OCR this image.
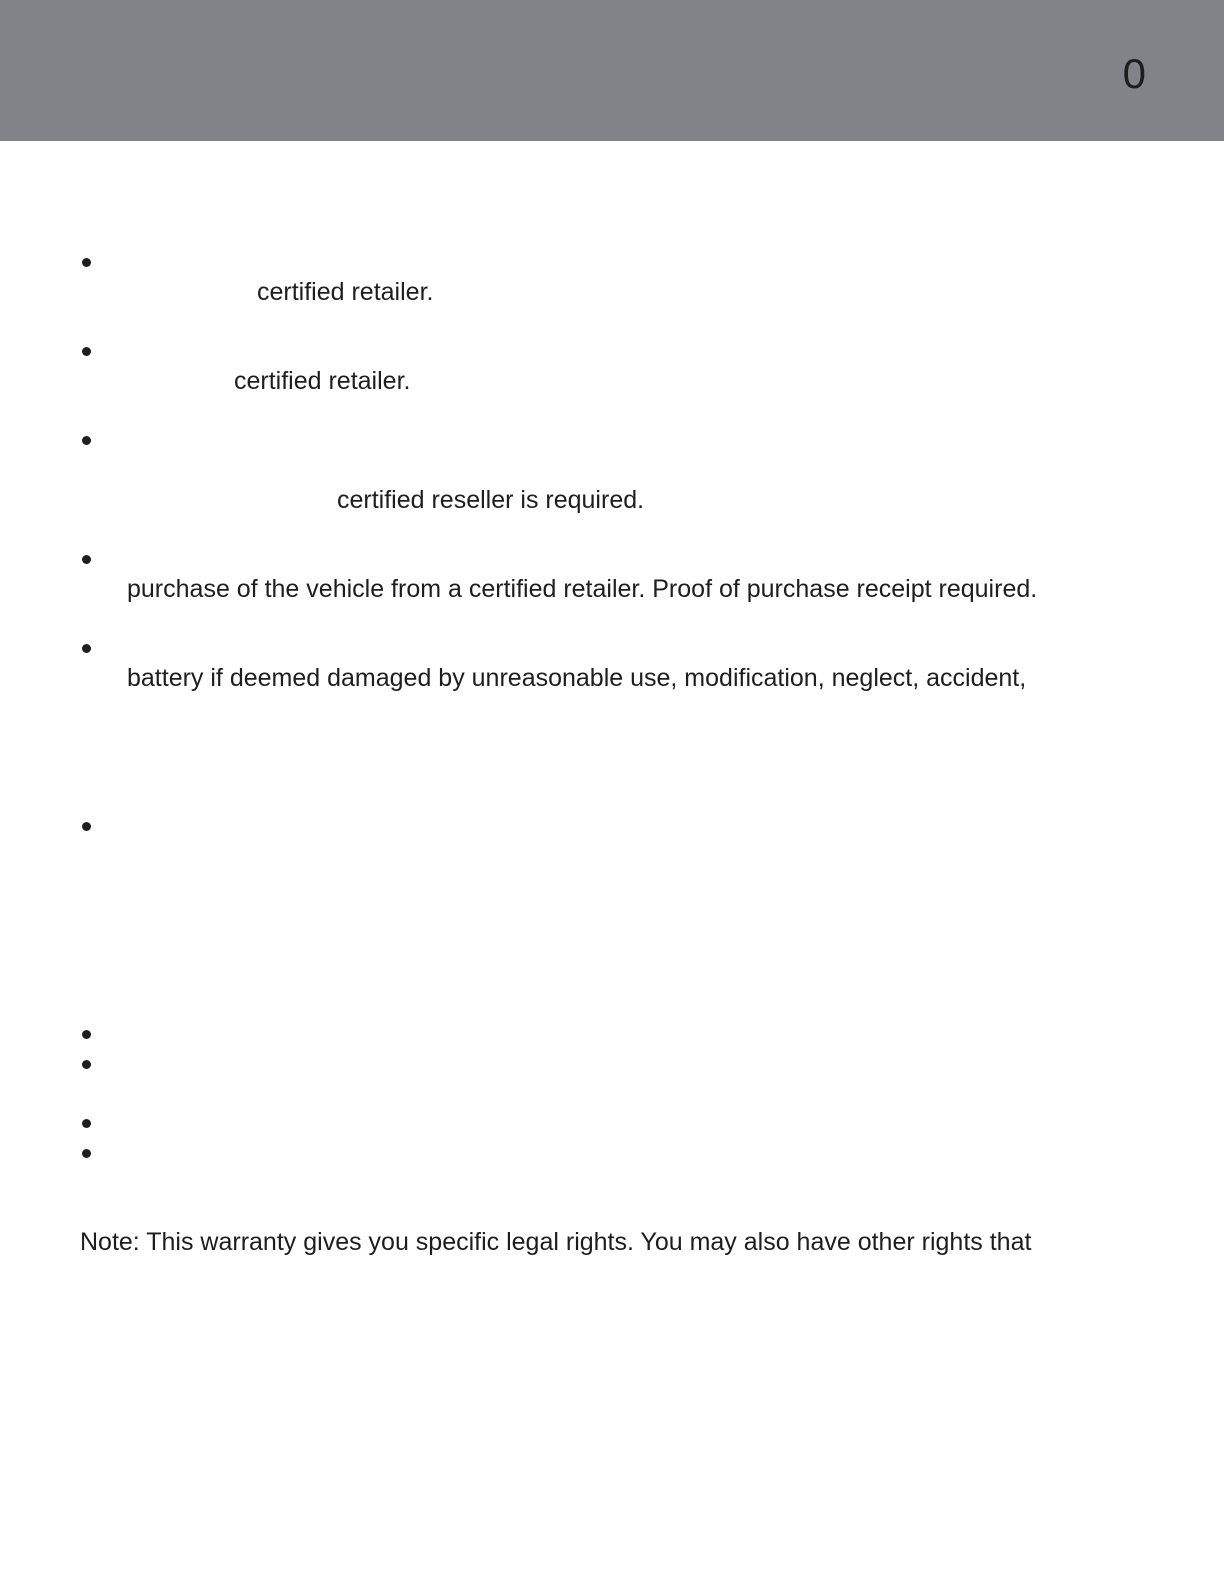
0
certified retailer.
certified retailer.
certified reseller is required.
purchase of the vehicle from a certified retailer. Proof of purchase receipt required.
battery if deemed damaged by unreasonable use, modification, neglect, accident,
Note: This warranty gives you specific legal rights. You may also have other rights that
